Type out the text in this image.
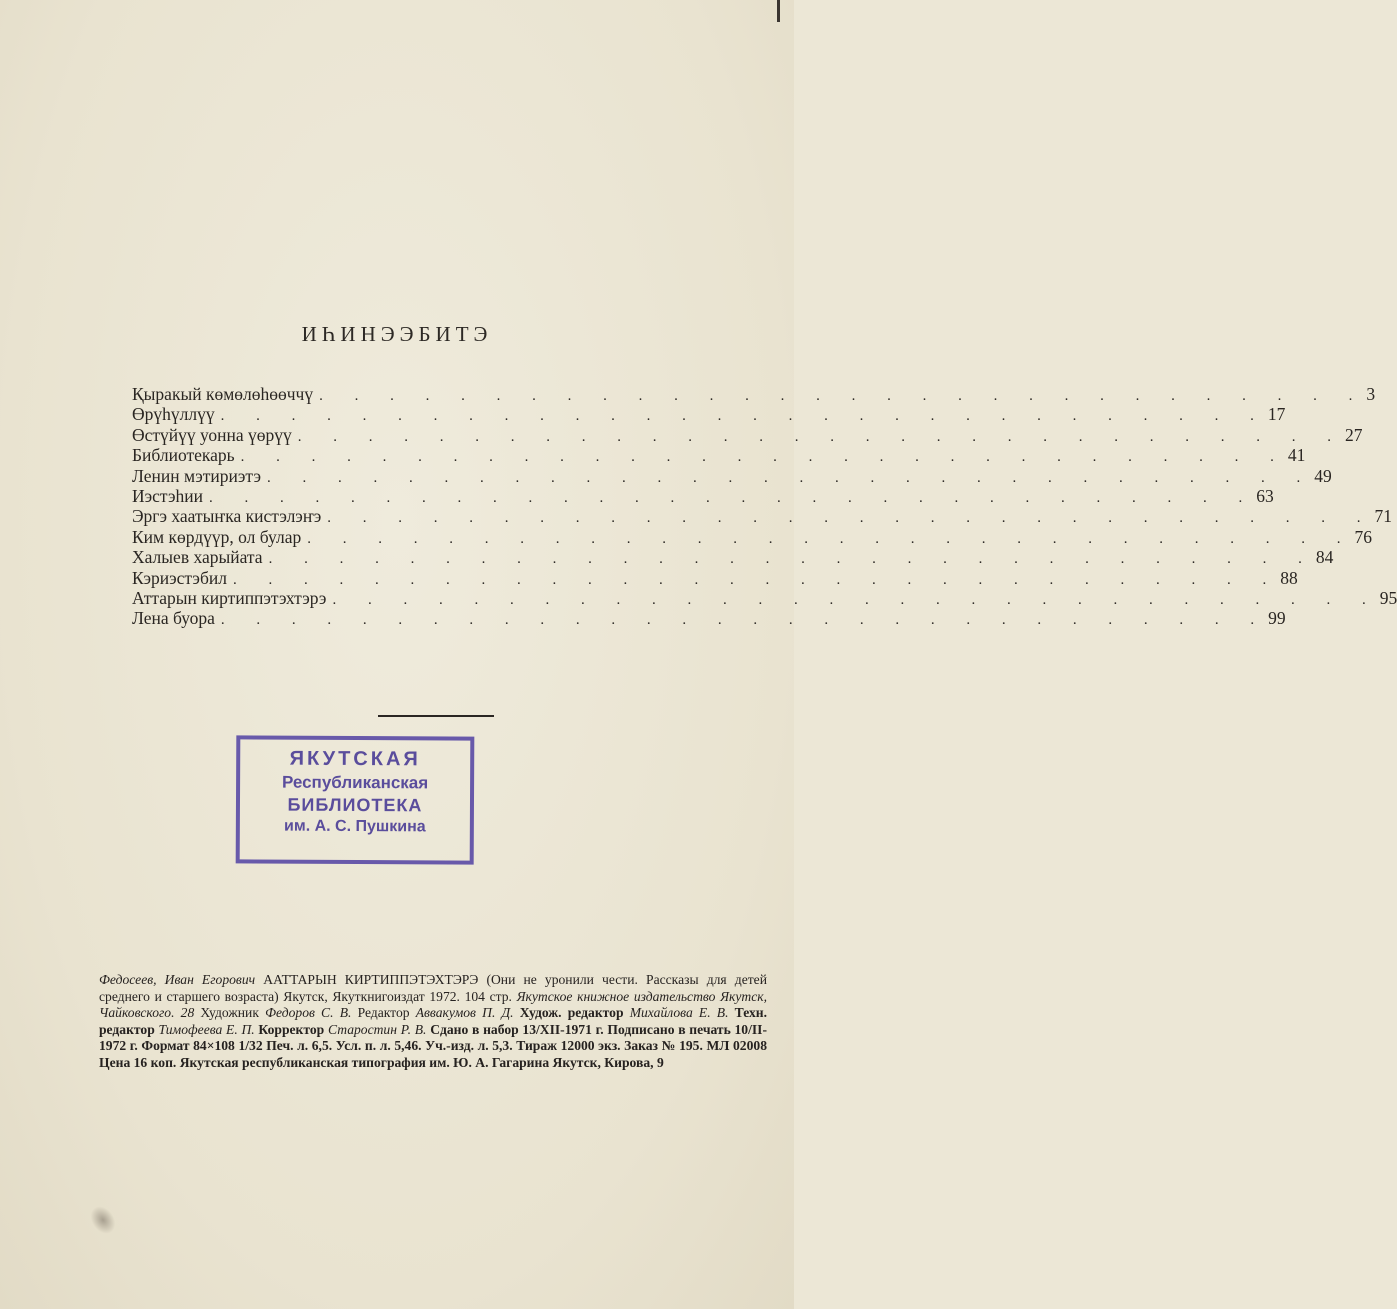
ИҺИНЭЭБИТЭ
Қыракый көмөлөһөөччү . . . . . . . . . . . . . . . . . . . . . . . . . . . . . . 3
Өрүһүллүү . . . . . . . . . . . . . . . . . . . . . . . . . . . . . . 17
Өстүйүү уонна үөрүү . . . . . . . . . . . . . . . . . . . . . . . . . . . . . . 27
Библиотекарь . . . . . . . . . . . . . . . . . . . . . . . . . . . . . . 41
Ленин мэтириэтэ . . . . . . . . . . . . . . . . . . . . . . . . . . . . . . 49
Иэстэһии . . . . . . . . . . . . . . . . . . . . . . . . . . . . . . 63
Эргэ хаатыҥка кистэлэҥэ . . . . . . . . . . . . . . . . . . . . . . . . . . . . . . 71
Ким көрдүүр, ол булар . . . . . . . . . . . . . . . . . . . . . . . . . . . . . . 76
Халыев харыйата . . . . . . . . . . . . . . . . . . . . . . . . . . . . . . 84
Кэриэстэбил . . . . . . . . . . . . . . . . . . . . . . . . . . . . . . 88
Аттарын киртиппэтэхтэрэ . . . . . . . . . . . . . . . . . . . . . . . . . . . . . . 95
Лена буора . . . . . . . . . . . . . . . . . . . . . . . . . . . . . . 99
ЯКУТСКАЯ
Республиканская
БИБЛИОТЕКА
им. А. С. Пушкина
Федосеев, Иван Егорович ААТТАРЫН КИРТИППЭТЭХТЭРЭ (Они не уронили чести. Рассказы для детей среднего и старшего возраста) Якутск, Якуткнигоиздат 1972. 104 стр. Якутское книжное издательство Якутск, Чайковского. 28 Художник Федоров С. В. Редактор Аввакумов П. Д. Худож. редактор Михайлова Е. В. Техн. редактор Тимофеева Е. П. Корректор Старостин Р. В. Сдано в набор 13/XII-1971 г. Подписано в печать 10/II-1972 г. Формат 84×108 1/32 Печ. л. 6,5. Усл. п. л. 5,46. Уч.-изд. л. 5,3. Тираж 12000 экз. Заказ № 195. МЛ 02008 Цена 16 коп. Якутская республиканская типография им. Ю. А. Гагарина Якутск, Кирова, 9
